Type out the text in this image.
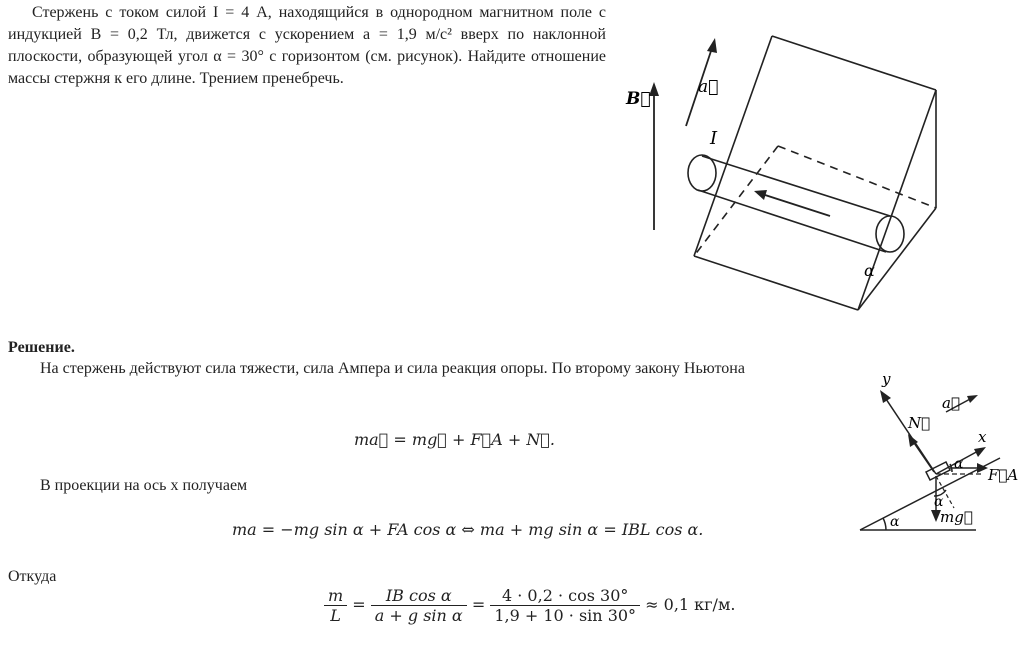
Стержень с током силой I = 4 А, находящийся в однородном магнитном поле с индукцией B = 0,2 Тл, движется с ускорением a = 1,9 м/с² вверх по наклонной плоскости, образующей угол α = 30° с горизонтом (см. рисунок). Найдите отношение массы стержня к его длине. Трением пренебречь.

B⃗
a⃗
I
α
Решение.
На стержень действуют сила тяжести, сила Ампера и сила реакция опоры. По второму закону Ньютона
ma⃗ = mg⃗ + F⃗A + N⃗.
В проекции на ось x получаем
ma = −mg sin α + FA cos α ⇔ ma + mg sin α = IBL cos α.
Откуда
$\frac{m}{L} = \frac{\text{IB cos α}}{\text{a + g sin α}} = \frac{4 \cdot 0,2 \cdot \cos 30^\circ}{1,9 + 10 \cdot \sin 30^\circ} \approx 0,1$ кг/м.
y
x
N⃗
a⃗
F⃗A
mg⃗
α
α
α
